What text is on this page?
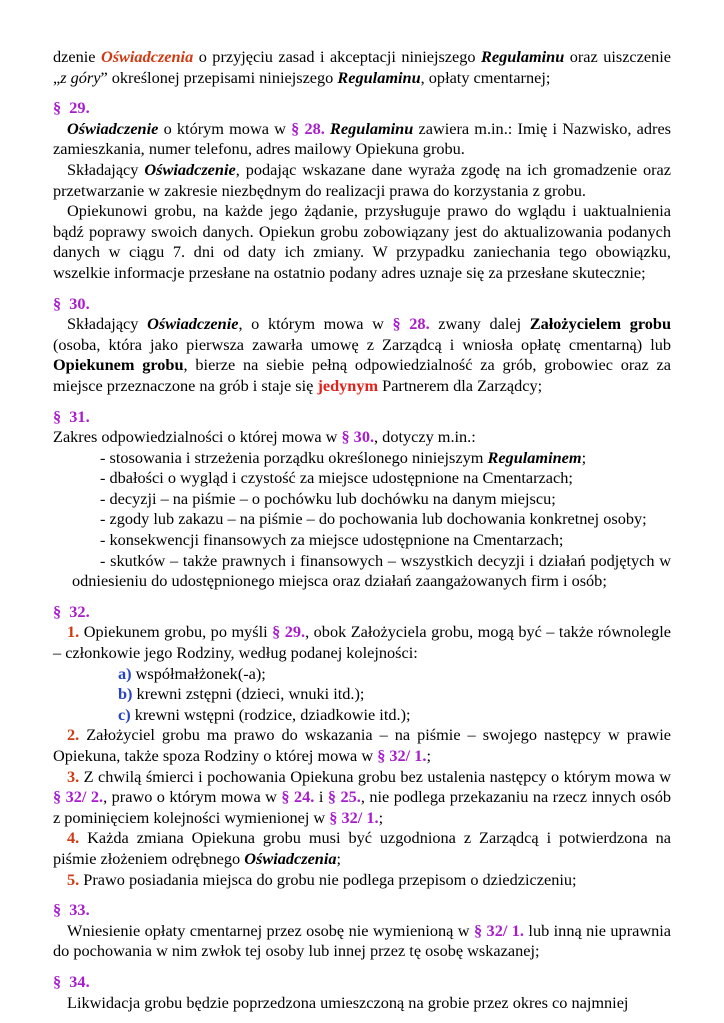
dzenie Oświadczenia o przyjęciu zasad i akceptacji niniejszego Regulaminu oraz uiszczenie „z góry” określonej przepisami niniejszego Regulaminu, opłaty cmentarnej;

§  29.

Oświadczenie o którym mowa w § 28. Regulaminu zawiera m.in.: Imię i Nazwisko, adres zamieszkania, numer telefonu, adres mailowy Opiekuna grobu.

Składający Oświadczenie, podając wskazane dane wyraża zgodę na ich gromadzenie oraz przetwarzanie w zakresie niezbędnym do realizacji prawa do korzystania z grobu.

Opiekunowi grobu, na każde jego żądanie, przysługuje prawo do wglądu i uaktualnienia bądź poprawy swoich danych. Opiekun grobu zobowiązany jest do aktualizowania podanych danych w ciągu 7. dni od daty ich zmiany. W przypadku zaniechania tego obowiązku, wszelkie informacje przesłane na ostatnio podany adres uznaje się za przesłane skutecznie;

§  30.

Składający Oświadczenie, o którym mowa w § 28. zwany dalej Założycielem grobu (osoba, która jako pierwsza zawarła umowę z Zarządcą i wniosła opłatę cmentarną) lub Opiekunem grobu, bierze na siebie pełną odpowiedzialność za grób, grobowiec oraz za miejsce przeznaczone na grób i staje się jedynym Partnerem dla Zarządcy;

§  31.

Zakres odpowiedzialności o której mowa w § 30., dotyczy m.in.:

- stosowania i strzeżenia porządku określonego niniejszym Regulaminem;

- dbałości o wygląd i czystość za miejsce udostępnione na Cmentarzach;

- decyzji – na piśmie – o pochówku lub dochówku na danym miejscu;

- zgody lub zakazu – na piśmie – do pochowania lub dochowania konkretnej osoby;

- konsekwencji finansowych za miejsce udostępnione na Cmentarzach;

- skutków – także prawnych i finansowych – wszystkich decyzji i działań podjętych w odniesieniu do udostępnionego miejsca oraz działań zaangażowanych firm i osób;

§  32.

1. Opiekunem grobu, po myśli § 29., obok Założyciela grobu, mogą być – także równolegle – członkowie jego Rodziny, według podanej kolejności:

a) współmałżonek(-a);

b) krewni zstępni (dzieci, wnuki itd.);

c) krewni wstępni (rodzice, dziadkowie itd.);

2. Założyciel grobu ma prawo do wskazania – na piśmie – swojego następcy w prawie Opiekuna, także spoza Rodziny o której mowa w § 32/ 1.;

3. Z chwilą śmierci i pochowania Opiekuna grobu bez ustalenia następcy o którym mowa w § 32/ 2., prawo o którym mowa w § 24. i § 25., nie podlega przekazaniu na rzecz innych osób z pominięciem kolejności wymienionej w § 32/ 1.;

4. Każda zmiana Opiekuna grobu musi być uzgodniona z Zarządcą i potwierdzona na piśmie złożeniem odrębnego Oświadczenia;

5. Prawo posiadania miejsca do grobu nie podlega przepisom o dziedziczeniu;

§  33.

Wniesienie opłaty cmentarnej przez osobę nie wymienioną w § 32/ 1. lub inną nie uprawnia do pochowania w nim zwłok tej osoby lub innej przez tę osobę wskazanej;

§  34.

Likwidacja grobu będzie poprzedzona umieszczoną na grobie przez okres co najmniej
